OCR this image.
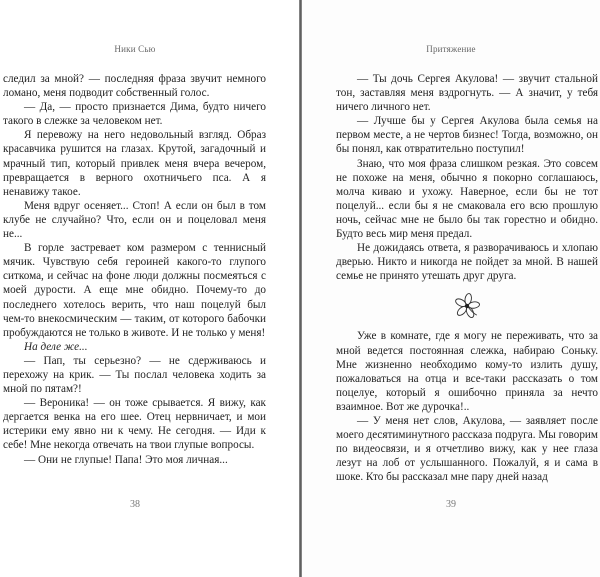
Ники Сью

следил за мной? — последняя фраза звучит немного ломано, меня подводит собственный голос.

— Да, — просто признается Дима, будто ничего такого в слежке за человеком нет.

Я перевожу на него недовольный взгляд. Образ красавчика рушится на глазах. Крутой, загадочный и мрачный тип, который привлек меня вчера вечером, превращается в верного охотничьего пса. А я ненавижу такое.

Меня вдруг осеняет... Стоп! А если он был в том клубе не случайно? Что, если он и поцеловал меня не...

В горле застревает ком размером с теннисный мячик. Чувствую себя героиней какого-то глупого ситкома, и сейчас на фоне люди должны посмеяться с моей дурости. А еще мне обидно. Почему-то до последнего хотелось верить, что наш поцелуй был чем-то внекосмическим — таким, от которого бабочки пробуждаются не только в животе. И не только у меня!

На деле же...

— Пап, ты серьезно? — не сдерживаюсь и перехожу на крик. — Ты послал человека ходить за мной по пятам?!

— Вероника! — он тоже срывается. Я вижу, как дергается венка на его шее. Отец нервничает, и мои истерики ему явно ни к чему. Не сегодня. — Иди к себе! Мне некогда отвечать на твои глупые вопросы.

— Они не глупые! Папа! Это моя личная...

38
Притяжение

— Ты дочь Сергея Акулова! — звучит стальной тон, заставляя меня вздрогнуть. — А значит, у тебя ничего личного нет.

— Лучше бы у Сергея Акулова была семья на первом месте, а не чертов бизнес! Тогда, возможно, он бы понял, как отвратительно поступил!

Знаю, что моя фраза слишком резкая. Это совсем не похоже на меня, обычно я покорно соглашаюсь, молча киваю и ухожу. Наверное, если бы не тот поцелуй... если бы я не смаковала его всю прошлую ночь, сейчас мне не было бы так горестно и обидно. Будто весь мир меня предал.

Не дожидаясь ответа, я разворачиваюсь и хлопаю дверью. Никто и никогда не пойдет за мной. В нашей семье не принято утешать друг друга.

Уже в комнате, где я могу не переживать, что за мной ведется постоянная слежка, набираю Соньку. Мне жизненно необходимо кому-то излить душу, пожаловаться на отца и все-таки рассказать о том поцелуе, который я ошибочно приняла за нечто взаимное. Вот же дурочка!..

— У меня нет слов, Акулова, — заявляет после моего десятиминутного рассказа подруга. Мы говорим по видеосвязи, и я отчетливо вижу, как у нее глаза лезут на лоб от услышанного. Пожалуй, я и сама в шоке. Кто бы рассказал мне пару дней назад

39
